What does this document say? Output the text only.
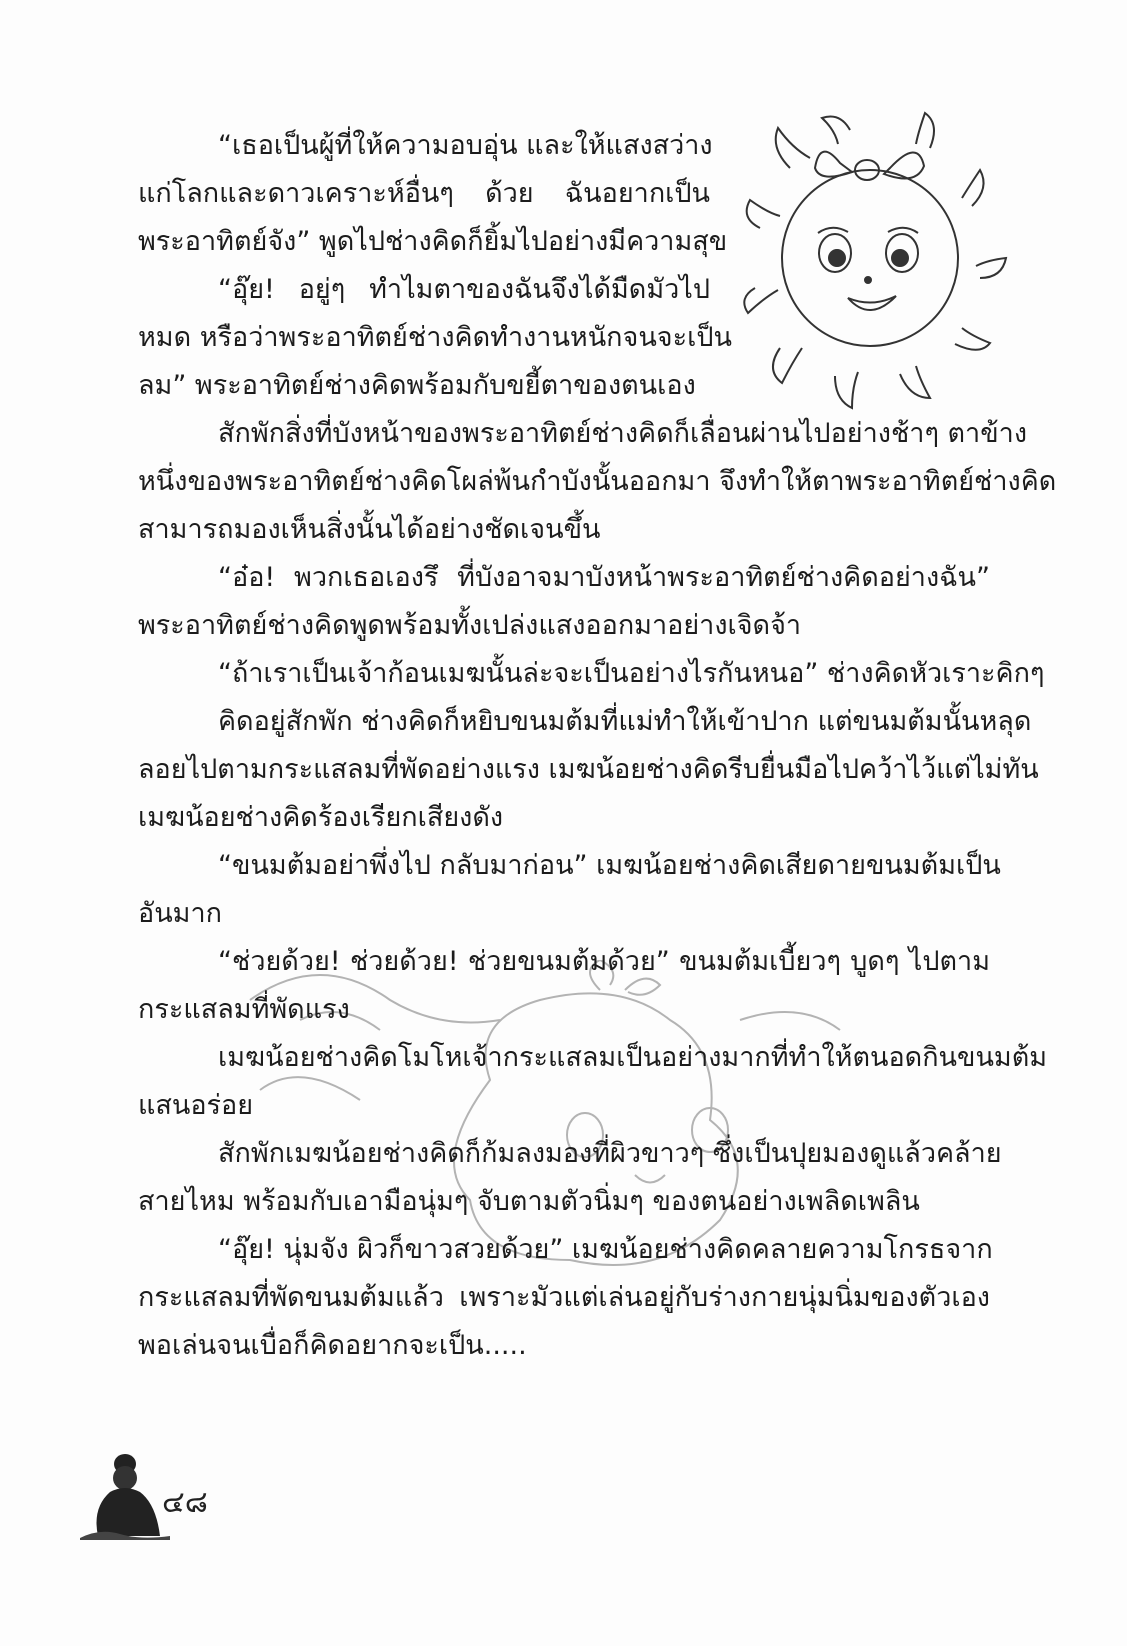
“เธอเป็นผู้ที่ให้ความอบอุ่น และให้แสงสว่าง
แก่โลกและดาวเคราะห์อื่นๆ ด้วย ฉันอยากเป็น
พระอาทิตย์จัง” พูดไปช่างคิดก็ยิ้มไปอย่างมีความสุข
“อุ๊ย! อยู่ๆ ทำไมตาของฉันจึงได้มืดมัวไป
หมด หรือว่าพระอาทิตย์ช่างคิดทำงานหนักจนจะเป็น
ลม” พระอาทิตย์ช่างคิดพร้อมกับขยี้ตาของตนเอง
สักพักสิ่งที่บังหน้าของพระอาทิตย์ช่างคิดก็เลื่อนผ่านไปอย่างช้าๆ ตาข้าง
หนึ่งของพระอาทิตย์ช่างคิดโผล่พ้นกำบังนั้นออกมา จึงทำให้ตาพระอาทิตย์ช่างคิด
สามารถมองเห็นสิ่งนั้นได้อย่างชัดเจนขึ้น
“อ๋อ! พวกเธอเองรึ ที่บังอาจมาบังหน้าพระอาทิตย์ช่างคิดอย่างฉัน”
พระอาทิตย์ช่างคิดพูดพร้อมทั้งเปล่งแสงออกมาอย่างเจิดจ้า
“ถ้าเราเป็นเจ้าก้อนเมฆนั้นล่ะจะเป็นอย่างไรกันหนอ” ช่างคิดหัวเราะคิกๆ
คิดอยู่สักพัก ช่างคิดก็หยิบขนมต้มที่แม่ทำให้เข้าปาก แต่ขนมต้มนั้นหลุด
ลอยไปตามกระแสลมที่พัดอย่างแรง เมฆน้อยช่างคิดรีบยื่นมือไปคว้าไว้แต่ไม่ทัน
เมฆน้อยช่างคิดร้องเรียกเสียงดัง
“ขนมต้มอย่าพึ่งไป กลับมาก่อน” เมฆน้อยช่างคิดเสียดายขนมต้มเป็น
อันมาก
“ช่วยด้วย! ช่วยด้วย! ช่วยขนมต้มด้วย” ขนมต้มเบี้ยวๆ บูดๆ ไปตาม
กระแสลมที่พัดแรง
เมฆน้อยช่างคิดโมโหเจ้ากระแสลมเป็นอย่างมากที่ทำให้ตนอดกินขนมต้ม
แสนอร่อย
สักพักเมฆน้อยช่างคิดก็ก้มลงมองที่ผิวขาวๆ ซึ่งเป็นปุยมองดูแล้วคล้าย
สายไหม พร้อมกับเอามือนุ่มๆ จับตามตัวนิ่มๆ ของตนอย่างเพลิดเพลิน
“อุ๊ย! นุ่มจัง ผิวก็ขาวสวยด้วย” เมฆน้อยช่างคิดคลายความโกรธจาก
กระแสลมที่พัดขนมต้มแล้ว เพราะมัวแต่เล่นอยู่กับร่างกายนุ่มนิ่มของตัวเอง
พอเล่นจนเบื่อก็คิดอยากจะเป็น.....
๔๘
